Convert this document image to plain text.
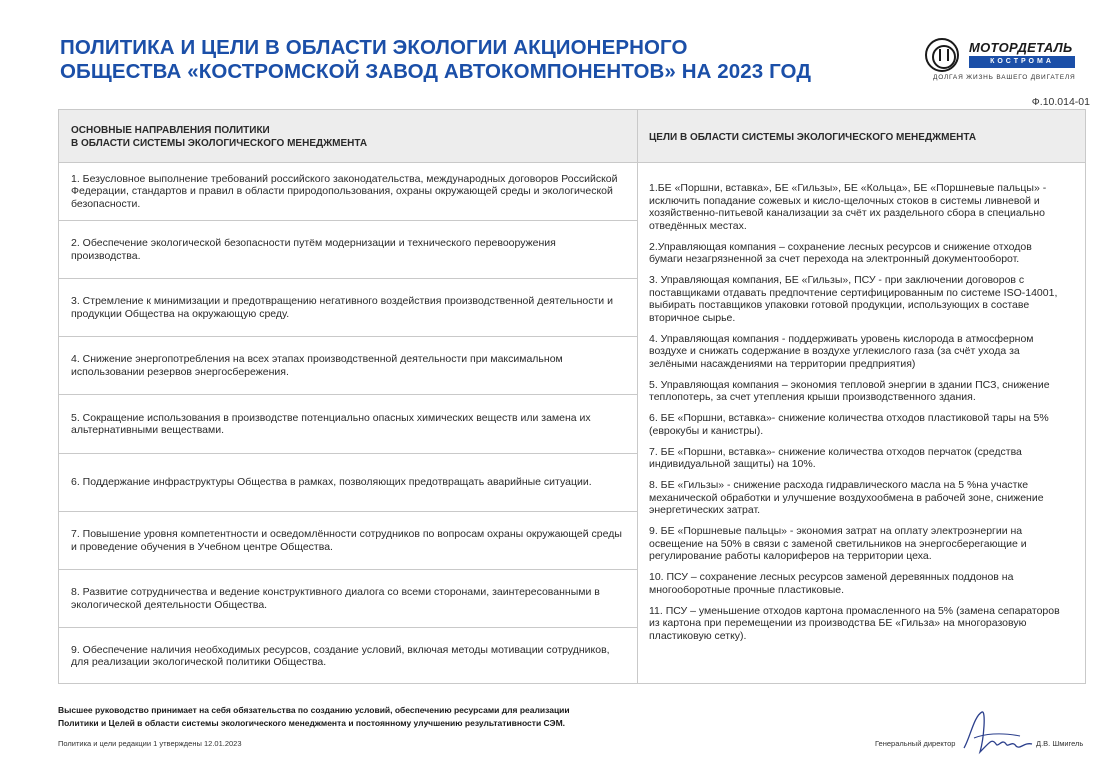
ПОЛИТИКА И ЦЕЛИ В ОБЛАСТИ ЭКОЛОГИИ АКЦИОНЕРНОГО
ОБЩЕСТВА «КОСТРОМСКОЙ ЗАВОД АВТОКОМПОНЕНТОВ» НА 2023 ГОД
МОТОРДЕТАЛЬ
КОСТРОМА
ДОЛГАЯ ЖИЗНЬ ВАШЕГО ДВИГАТЕЛЯ
Ф.10.014-01
ОСНОВНЫЕ НАПРАВЛЕНИЯ ПОЛИТИКИ
В ОБЛАСТИ СИСТЕМЫ ЭКОЛОГИЧЕСКОГО МЕНЕДЖМЕНТА
ЦЕЛИ В ОБЛАСТИ СИСТЕМЫ ЭКОЛОГИЧЕСКОГО МЕНЕДЖМЕНТА
1. Безусловное выполнение требований российского законодательства, международных договоров Российской Федерации, стандартов и правил в области природопользования, охраны окружающей среды и экологической безопасности.
2. Обеспечение экологической безопасности путём модернизации и технического перевооружения производства.
3. Стремление к минимизации и предотвращению негативного воздействия производственной деятельности и продукции Общества на окружающую среду.
4. Снижение энергопотребления на всех этапах производственной деятельности при максимальном использовании резервов энергосбережения.
5. Сокращение использования в производстве потенциально опасных химических веществ или замена их альтернативными веществами.
6. Поддержание инфраструктуры Общества в рамках, позволяющих предотвращать аварийные ситуации.
7. Повышение уровня компетентности и осведомлённости сотрудников по вопросам охраны окружающей среды и проведение обучения в Учебном центре Общества.
8. Развитие сотрудничества и ведение конструктивного диалога со всеми сторонами, заинтересованными в экологической деятельности Общества.
9. Обеспечение наличия необходимых ресурсов, создание условий, включая методы мотивации сотрудников, для реализации экологической политики Общества.
1.БЕ «Поршни, вставка», БЕ «Гильзы», БЕ «Кольца», БЕ «Поршневые пальцы» - исключить попадание сожевых и кисло-щелочных стоков в системы ливневой и хозяйственно-питьевой канализации за счёт их раздельного сбора в специально отведённых местах.
2.Управляющая компания – сохранение лесных ресурсов и снижение отходов бумаги незагрязненной за счет перехода на электронный документооборот.
3. Управляющая компания, БЕ «Гильзы», ПСУ - при заключении договоров с поставщиками отдавать предпочтение сертифицированным по системе ISO-14001, выбирать поставщиков упаковки готовой продукции, использующих в составе вторичное сырье.
4. Управляющая компания - поддерживать уровень кислорода в атмосферном воздухе и снижать содержание в воздухе углекислого газа (за счёт ухода за зелёными насаждениями на территории предприятия)
5. Управляющая компания – экономия тепловой энергии в здании ПСЗ, снижение теплопотерь, за счет утепления крыши производственного здания.
6. БЕ «Поршни, вставка»- снижение количества отходов пластиковой тары на 5% (еврокубы и канистры).
7. БЕ «Поршни, вставка»- снижение количества отходов перчаток (средства индивидуальной защиты) на 10%.
8. БЕ «Гильзы» - снижение расхода гидравлического масла на 5 %на участке механической обработки и улучшение воздухообмена в рабочей зоне, снижение энергетических затрат.
9. БЕ «Поршневые пальцы» - экономия затрат на оплату электроэнергии на освещение на 50% в связи с заменой светильников на энергосберегающие и регулирование работы калориферов на территории цеха.
10. ПСУ – сохранение лесных ресурсов заменой деревянных поддонов на многооборотные прочные пластиковые.
11. ПСУ – уменьшение отходов картона промасленного на 5% (замена сепараторов из картона при перемещении из производства БЕ «Гильза» на многоразовую пластиковую сетку).
Высшее руководство принимает на себя обязательства по созданию условий, обеспечению ресурсами для реализации
Политики и Целей в области системы экологического менеджмента и постоянному улучшению результативности СЭМ.
Политика и цели редакции 1 утверждены 12.01.2023	Генеральный директор	Д.В. Шмигель
